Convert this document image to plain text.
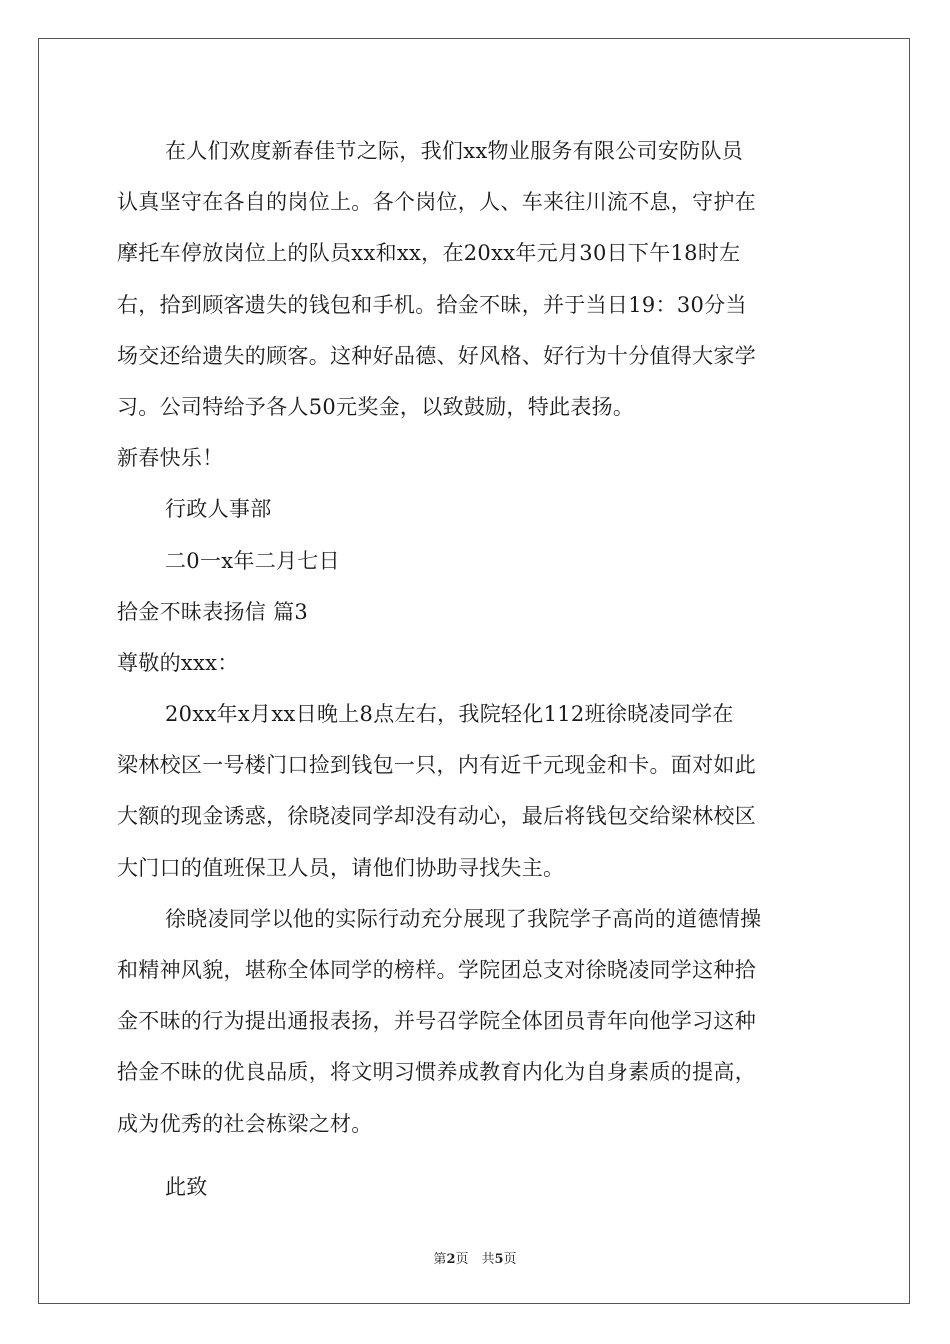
在人们欢度新春佳节之际，我们xx物业服务有限公司安防队员
认真坚守在各自的岗位上。各个岗位，人、车来往川流不息，守护在
摩托车停放岗位上的队员xx和xx，在20xx年元月30日下午18时左
右，拾到顾客遗失的钱包和手机。拾金不昧，并于当日19：30分当
场交还给遗失的顾客。这种好品德、好风格、好行为十分值得大家学
习。公司特给予各人50元奖金，以致鼓励，特此表扬。
新春快乐！
行政人事部
二0一x年二月七日
拾金不昧表扬信 篇3
尊敬的xxx：
20xx年x月xx日晚上8点左右，我院轻化112班徐晓凌同学在
梁林校区一号楼门口捡到钱包一只，内有近千元现金和卡。面对如此
大额的现金诱惑，徐晓凌同学却没有动心，最后将钱包交给梁林校区
大门口的值班保卫人员，请他们协助寻找失主。
徐晓凌同学以他的实际行动充分展现了我院学子高尚的道德情操
和精神风貌，堪称全体同学的榜样。学院团总支对徐晓凌同学这种拾
金不昧的行为提出通报表扬，并号召学院全体团员青年向他学习这种
拾金不昧的优良品质，将文明习惯养成教育内化为自身素质的提高，
成为优秀的社会栋梁之材。
此致
第2页　共5页
